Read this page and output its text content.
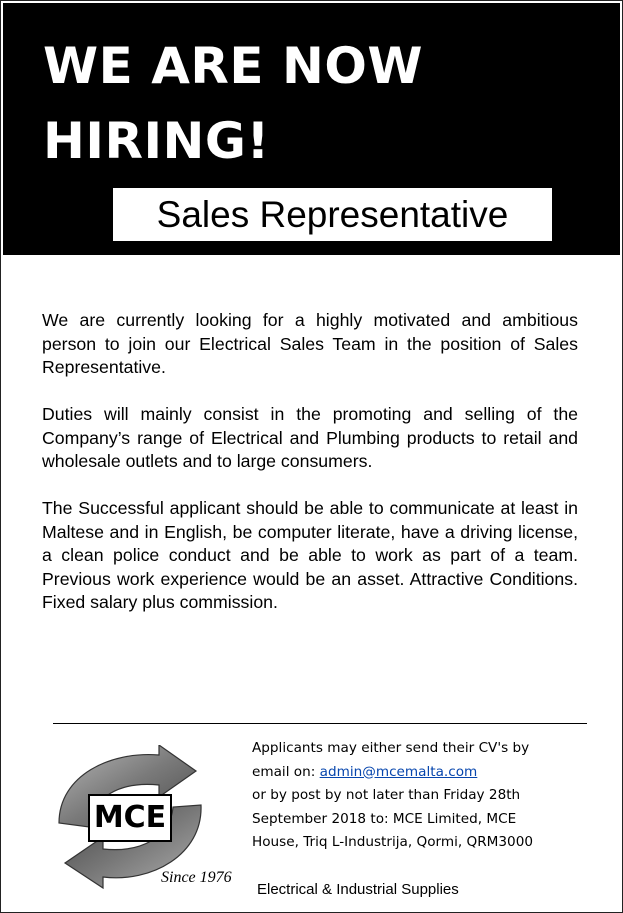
WE ARE NOW
HIRING!
Sales Representative

We are currently looking for a highly motivated and ambitious person to join our Electrical Sales Team in the position of Sales Representative.

Duties will mainly consist in the promoting and selling of the Company’s range of Electrical and Plumbing products to retail and wholesale outlets and to large consumers.

The Successful applicant should be able to communicate at least in Maltese and in English, be computer literate, have a driving license, a clean police conduct and be able to work as part of a team. Previous work experience would be an asset. Attractive Conditions. Fixed salary plus commission.

MCE
Since 1976
Applicants may either send their CV's by
email on: admin@mcemalta.com
or by post by not later than Friday 28th
September 2018 to: MCE Limited, MCE
House, Triq L-Industrija, Qormi, QRM3000
Electrical & Industrial Supplies
